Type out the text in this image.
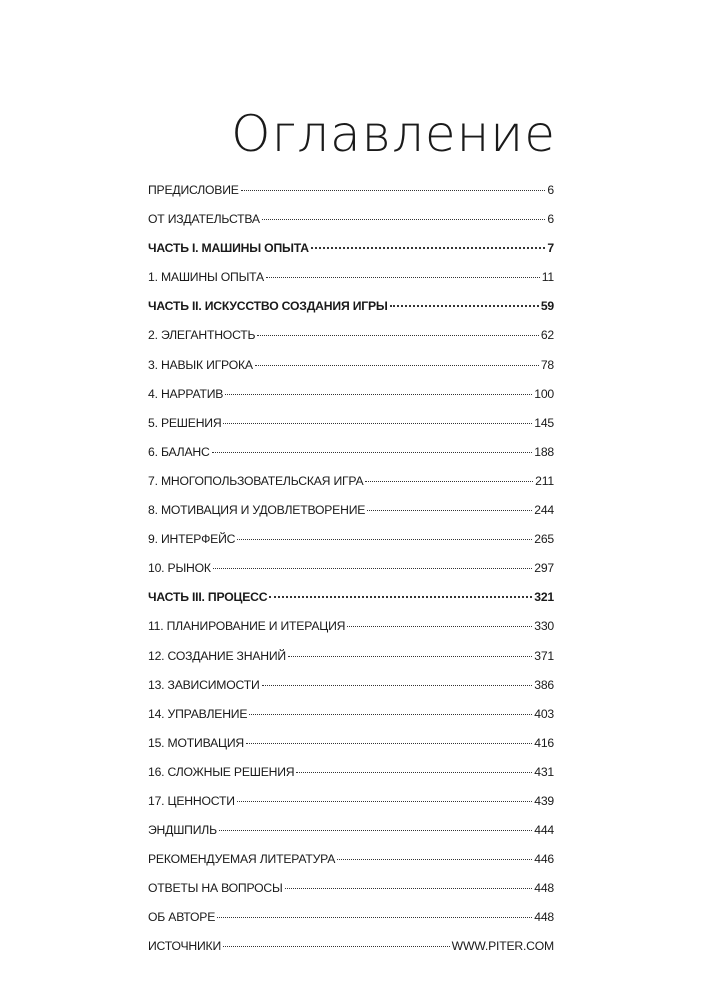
Оглавление
ПРЕДИСЛОВИЕ	6
ОТ ИЗДАТЕЛЬСТВА	6
ЧАСТЬ I. МАШИНЫ ОПЫТА	7
1. МАШИНЫ ОПЫТА	11
ЧАСТЬ II. ИСКУССТВО СОЗДАНИЯ ИГРЫ	59
2. ЭЛЕГАНТНОСТЬ	62
3. НАВЫК ИГРОКА	78
4. НАРРАТИВ	100
5. РЕШЕНИЯ	145
6. БАЛАНС	188
7. МНОГОПОЛЬЗОВАТЕЛЬСКАЯ ИГРА	211
8. МОТИВАЦИЯ И УДОВЛЕТВОРЕНИЕ	244
9. ИНТЕРФЕЙС	265
10. РЫНОК	297
ЧАСТЬ III. ПРОЦЕСС	321
11. ПЛАНИРОВАНИЕ И ИТЕРАЦИЯ	330
12. СОЗДАНИЕ ЗНАНИЙ	371
13. ЗАВИСИМОСТИ	386
14. УПРАВЛЕНИЕ	403
15. МОТИВАЦИЯ	416
16. СЛОЖНЫЕ РЕШЕНИЯ	431
17. ЦЕННОСТИ	439
ЭНДШПИЛЬ	444
РЕКОМЕНДУЕМАЯ ЛИТЕРАТУРА	446
ОТВЕТЫ НА ВОПРОСЫ	448
ОБ АВТОРЕ	448
ИСТОЧНИКИ	WWW.PITER.COM
